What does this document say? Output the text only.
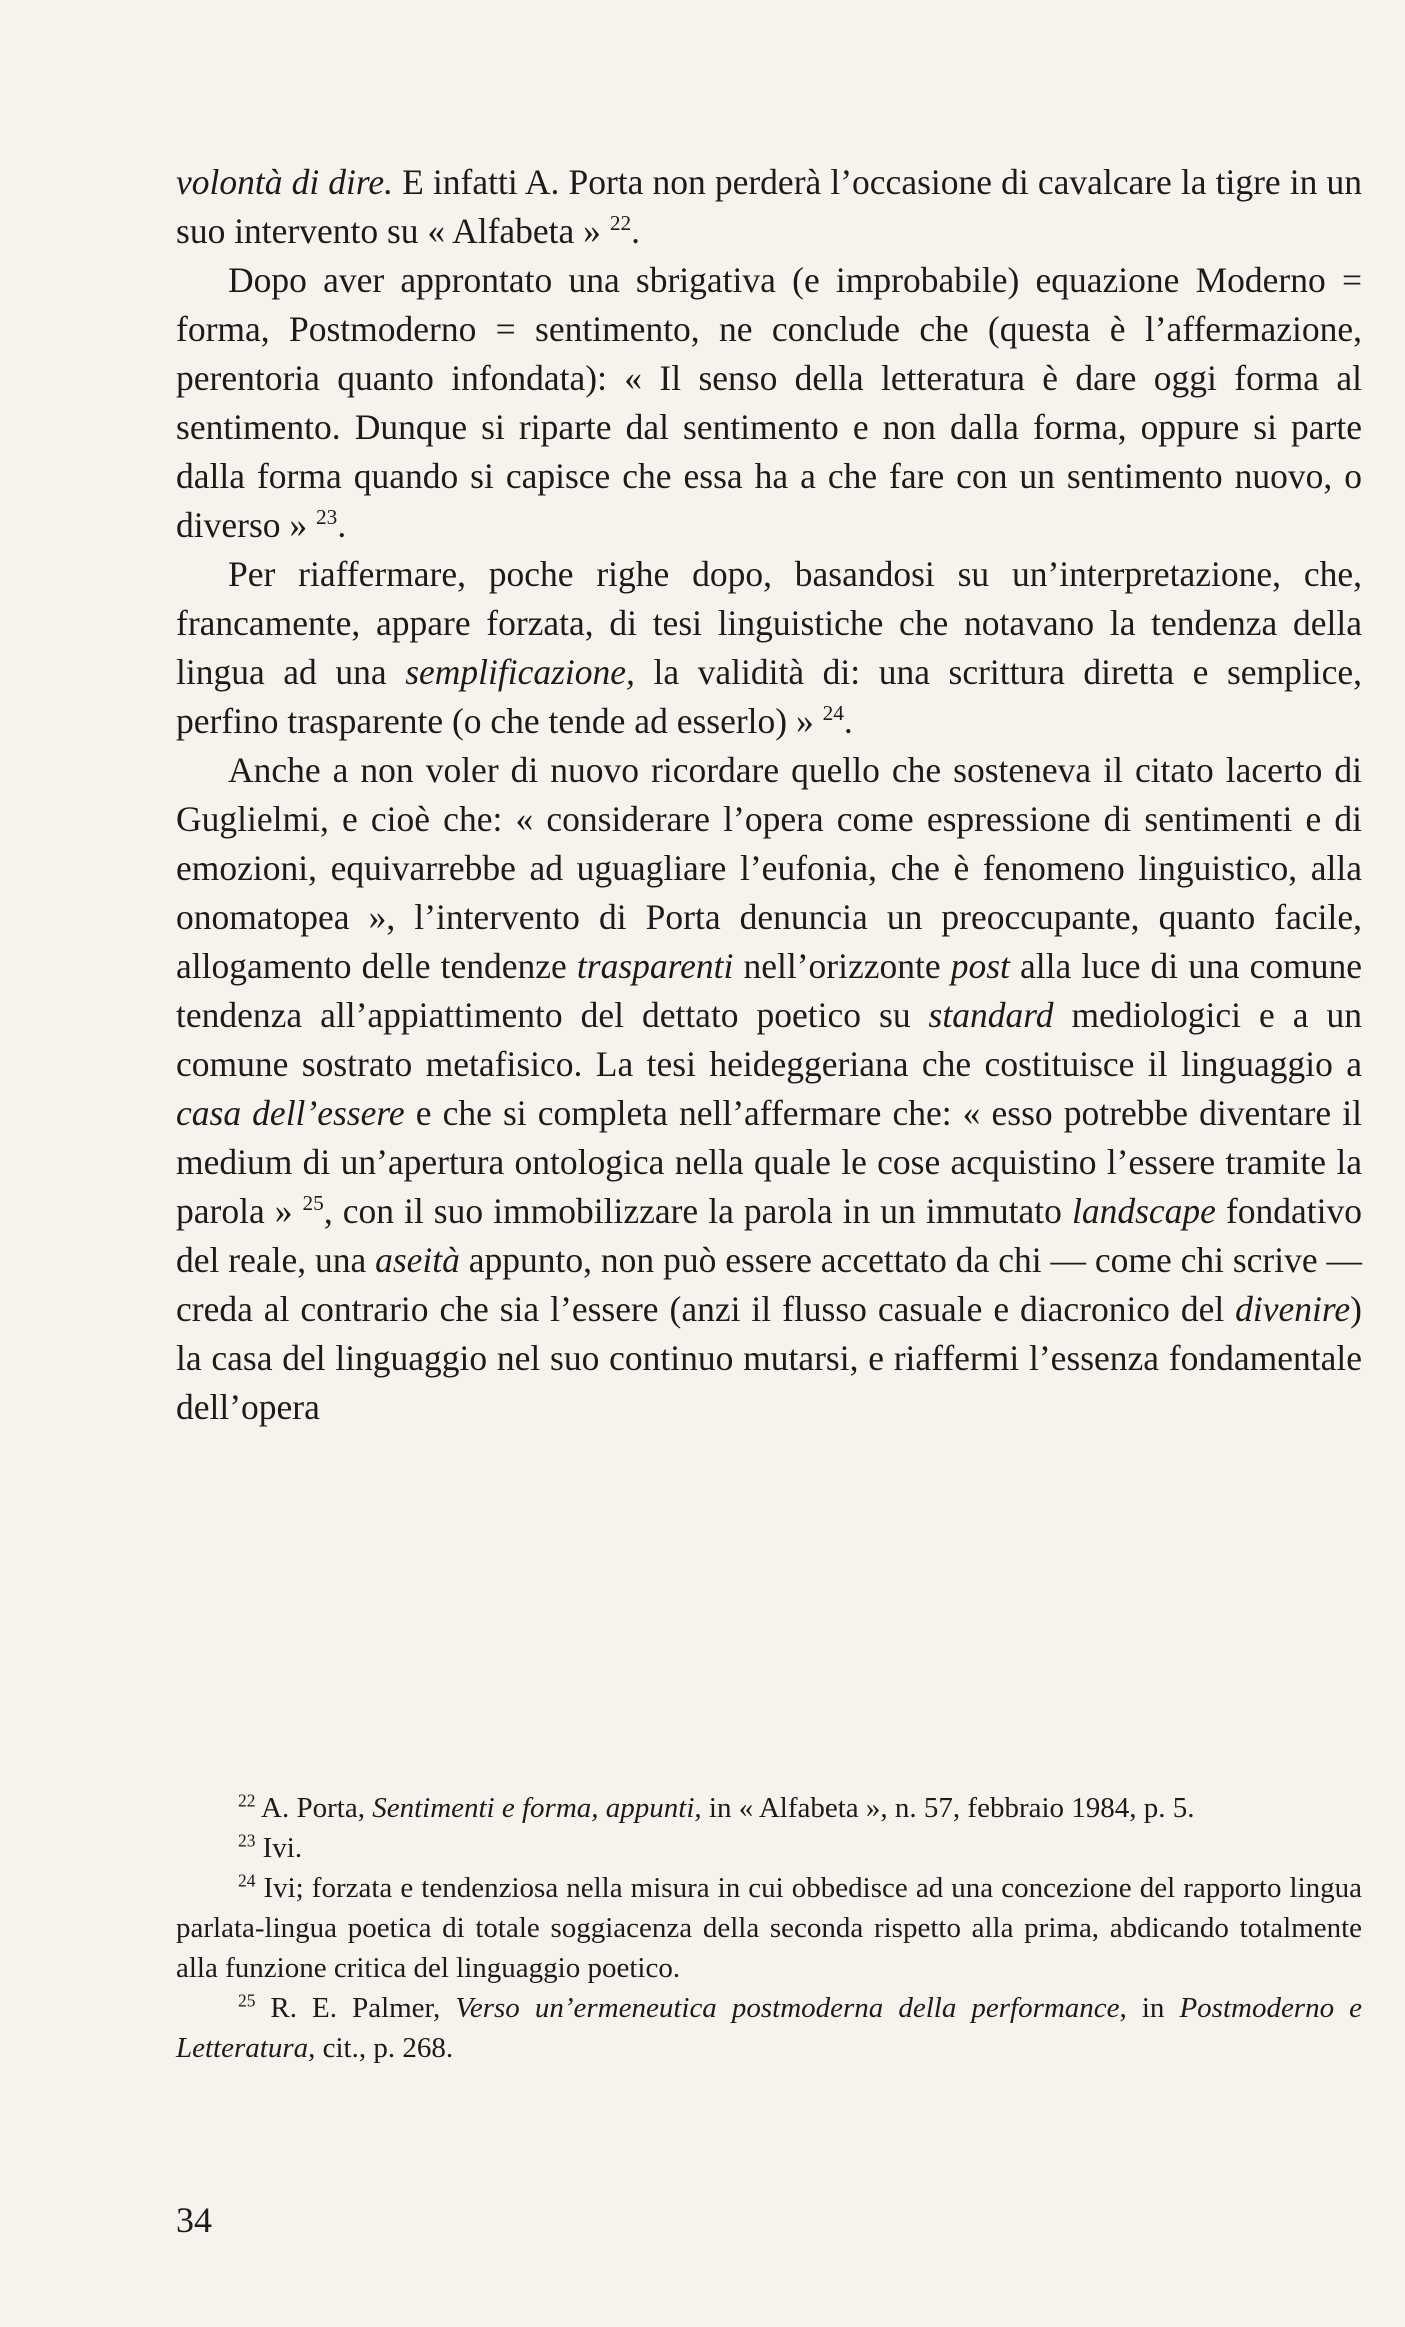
volontà di dire. E infatti A. Porta non perderà l’occasione di cavalcare la tigre in un suo intervento su « Alfabeta » $^{22}$.

Dopo aver approntato una sbrigativa (e improbabile) equazione Moderno = forma, Postmoderno = sentimento, ne conclude che (questa è l’affermazione, perentoria quanto infondata): « Il senso della letteratura è dare oggi forma al sentimento. Dunque si riparte dal sentimento e non dalla forma, oppure si parte dalla forma quando si capisce che essa ha a che fare con un sentimento nuovo, o diverso » $^{23}$.

Per riaffermare, poche righe dopo, basandosi su un’interpretazione, che, francamente, appare forzata, di tesi linguistiche che notavano la tendenza della lingua ad una semplificazione, la validità di: una scrittura diretta e semplice, perfino trasparente (o che tende ad esserlo) » $^{24}$.

Anche a non voler di nuovo ricordare quello che sosteneva il citato lacerto di Guglielmi, e cioè che: « considerare l’opera come espressione di sentimenti e di emozioni, equivarrebbe ad uguagliare l’eufonia, che è fenomeno linguistico, alla onomatopea », l’intervento di Porta denuncia un preoccupante, quanto facile, allogamento delle tendenze trasparenti nell’orizzonte post alla luce di una comune tendenza all’appiattimento del dettato poetico su standard mediologici e a un comune sostrato metafisico. La tesi heideggeriana che costituisce il linguaggio a casa dell’essere e che si completa nell’affermare che: « esso potrebbe diventare il medium di un’apertura ontologica nella quale le cose acquistino l’essere tramite la parola » $^{25}$, con il suo immobilizzare la parola in un immutato landscape fondativo del reale, una aseità appunto, non può essere accettato da chi — come chi scrive — creda al contrario che sia l’essere (anzi il flusso casuale e diacronico del divenire) la casa del linguaggio nel suo continuo mutarsi, e riaffermi l’essenza fondamentale dell’opera

$^{22}$ A. Porta, Sentimenti e forma, appunti, in « Alfabeta », n. 57, febbraio 1984, p. 5.

$^{23}$ Ivi.

$^{24}$ Ivi; forzata e tendenziosa nella misura in cui obbedisce ad una concezione del rapporto lingua parlata-lingua poetica di totale soggiacenza della seconda rispetto alla prima, abdicando totalmente alla funzione critica del linguaggio poetico.

$^{25}$ R. E. Palmer, Verso un’ermeneutica postmoderna della performance, in Postmoderno e Letteratura, cit., p. 268.

34
